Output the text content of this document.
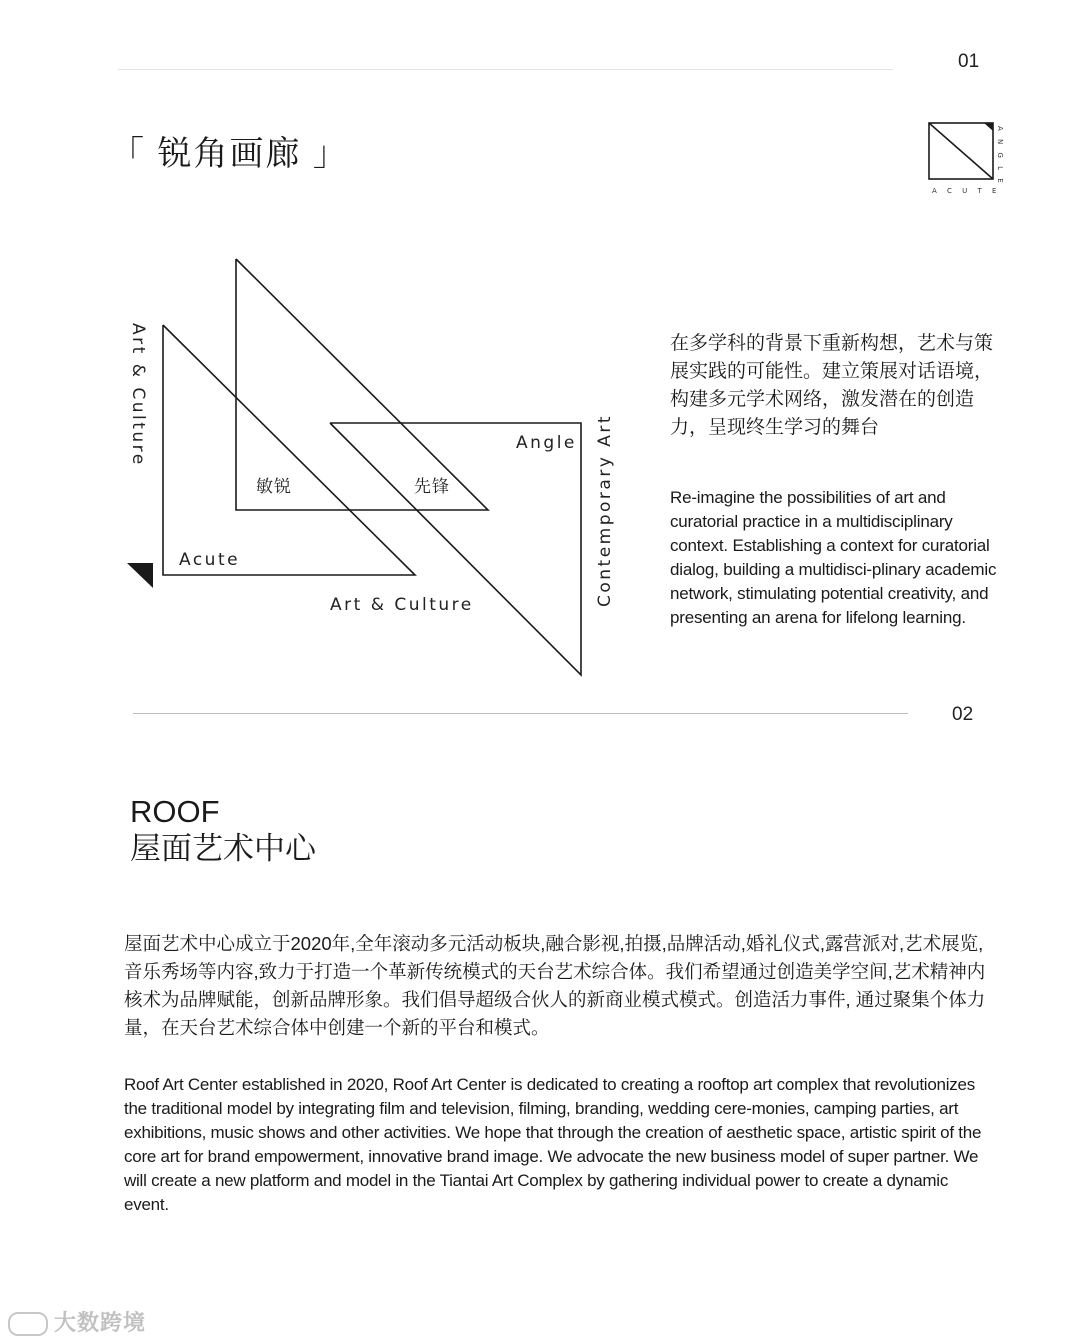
01
「 锐角画廊 」	A N G L E
A C U T E
Art & Culture
Contemporary Art
Angle
敏锐	先锋
Acute
Art & Culture
在多学科的背景下重新构想，艺术与策展实践的可能性。建立策展对话语境，构建多元学术网络，激发潜在的创造力，呈现终生学习的舞台
Re-imagine the possibilities of art and curatorial practice in a multidisciplinary context. Establishing a context for curatorial dialog, building a multidisci-plinary academic network, stimulating potential creativity, and presenting an arena for lifelong learning.
02
ROOF
屋面艺术中心
屋面艺术中心成立于2020年,全年滚动多元活动板块,融合影视,拍摄,品牌活动,婚礼仪式,露营派对,艺术展览,音乐秀场等内容,致力于打造一个革新传统模式的天台艺术综合体。我们希望通过创造美学空间,艺术精神内核术为品牌赋能，创新品牌形象。我们倡导超级合伙人的新商业模式模式。创造活力事件, 通过聚集个体力量，在天台艺术综合体中创建一个新的平台和模式。
Roof Art Center established in 2020, Roof Art Center is dedicated to creating a rooftop art complex that revolutionizes the traditional model by integrating film and television, filming, branding, wedding cere-monies, camping parties, art exhibitions, music shows and other activities. We hope that through the creation of aesthetic space, artistic spirit of the core art for brand empowerment, innovative brand image. We advocate the new business model of super partner. We will create a new platform and model in the Tiantai Art Complex by gathering individual power to create a dynamic event.
大数跨境
